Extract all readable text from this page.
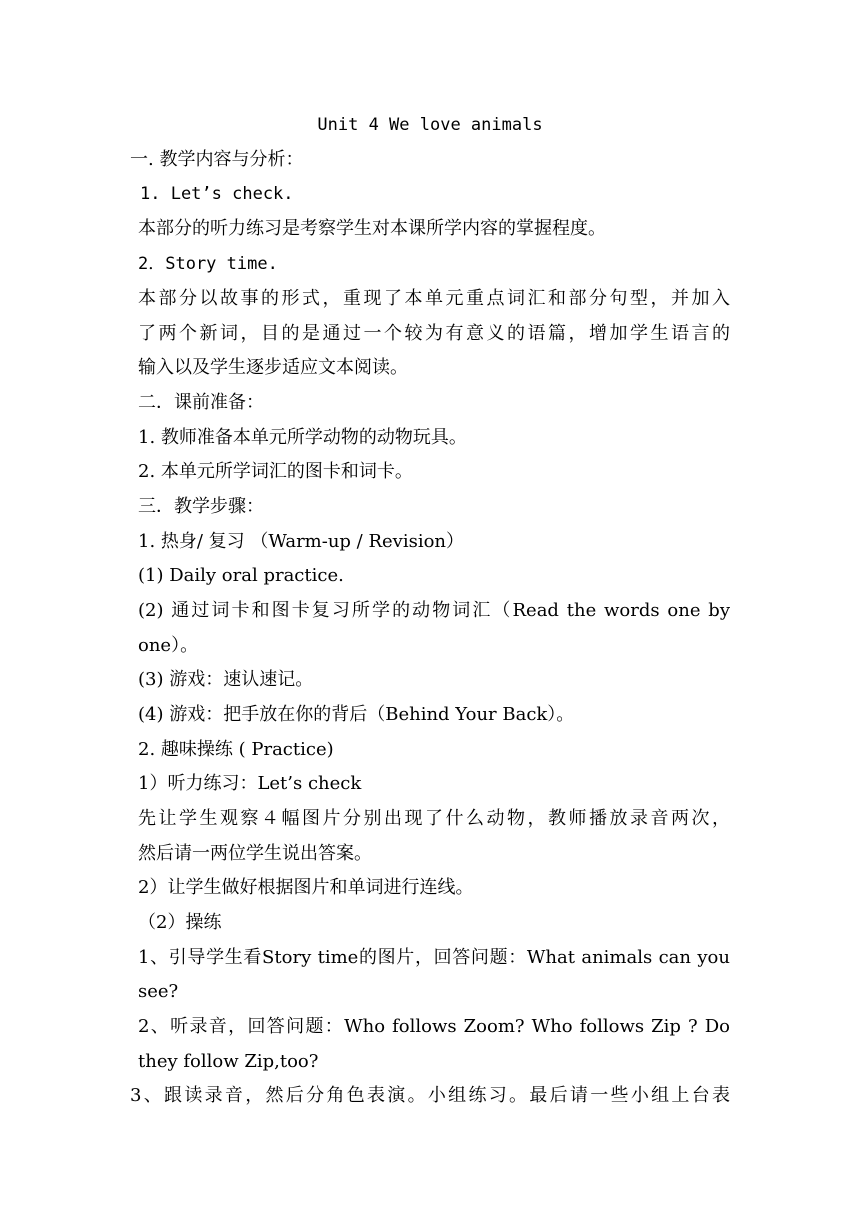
Unit 4 We love animals
一. 教学内容与分析：
1. Let’s check.
本部分的听力练习是考察学生对本课所学内容的掌握程度。
2．Story time.
本部分以故事的形式，重现了本单元重点词汇和部分句型，并加入
了两个新词，目的是通过一个较为有意义的语篇，增加学生语言的
输入以及学生逐步适应文本阅读。
二．课前准备：
1. 教师准备本单元所学动物的动物玩具。
2. 本单元所学词汇的图卡和词卡。
三．教学步骤：
1. 热身/ 复习 （Warm-up / Revision）
(1) Daily oral practice.
(2) 通过词卡和图卡复习所学的动物词汇（Read the words one by
one）。
(3) 游戏：速认速记。
(4) 游戏：把手放在你的背后（Behind Your Back）。
2. 趣味操练 ( Practice)
1）听力练习：Let’s check
先让学生观察４幅图片分别出现了什么动物，教师播放录音两次，
然后请一两位学生说出答案。
2）让学生做好根据图片和单词进行连线。
（2）操练
1、引导学生看Story time的图片，回答问题：What animals can you
see?
2、听录音，回答问题：Who follows Zoom? Who follows Zip ? Do
they follow Zip,too?
3、跟读录音，然后分角色表演。小组练习。最后请一些小组上台表
